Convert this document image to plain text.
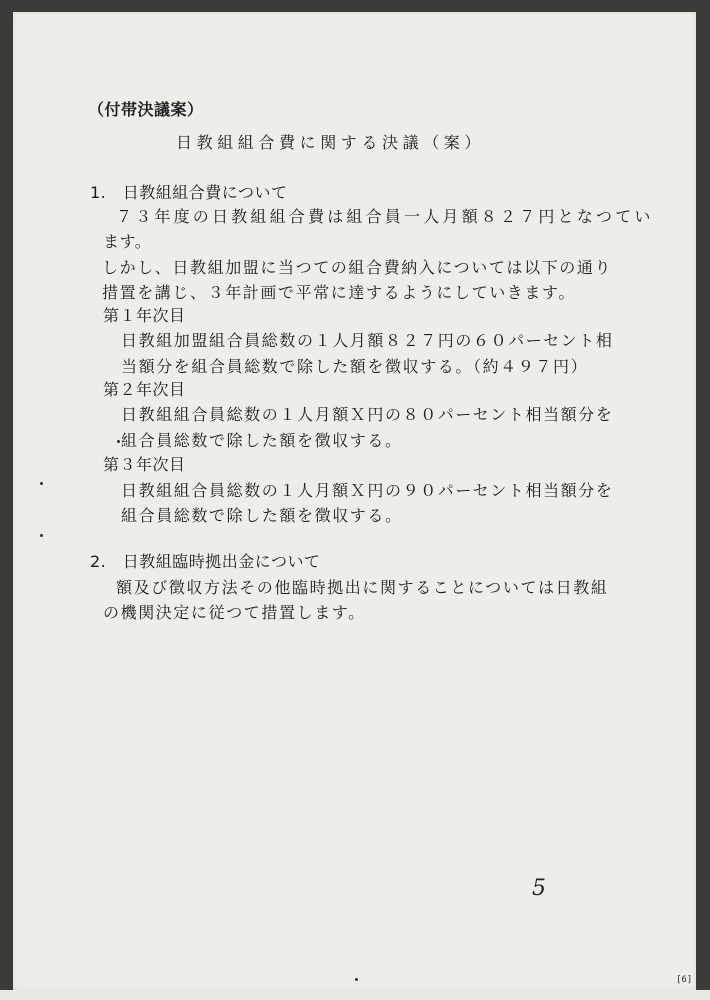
（付帯決議案）
日教組組合費に関する決議（案）
1.　日教組組合費について
７３年度の日教組組合費は組合員一人月額８２７円となつてい
ます。
しかし、日教組加盟に当つての組合費納入については以下の通り
措置を講じ、３年計画で平常に達するようにしていきます。
第１年次目
日教組加盟組合員総数の１人月額８２７円の６０パーセント相
当額分を組合員総数で除した額を徴収する。（約４９７円）
第２年次目
日教組組合員総数の１人月額Ｘ円の８０パーセント相当額分を
組合員総数で除した額を徴収する。
第３年次目
日教組組合員総数の１人月額Ｘ円の９０パーセント相当額分を
組合員総数で除した額を徴収する。
2.　日教組臨時拠出金について
額及び徴収方法その他臨時拠出に関することについては日教組
の機関決定に従つて措置します。
5
[6]
